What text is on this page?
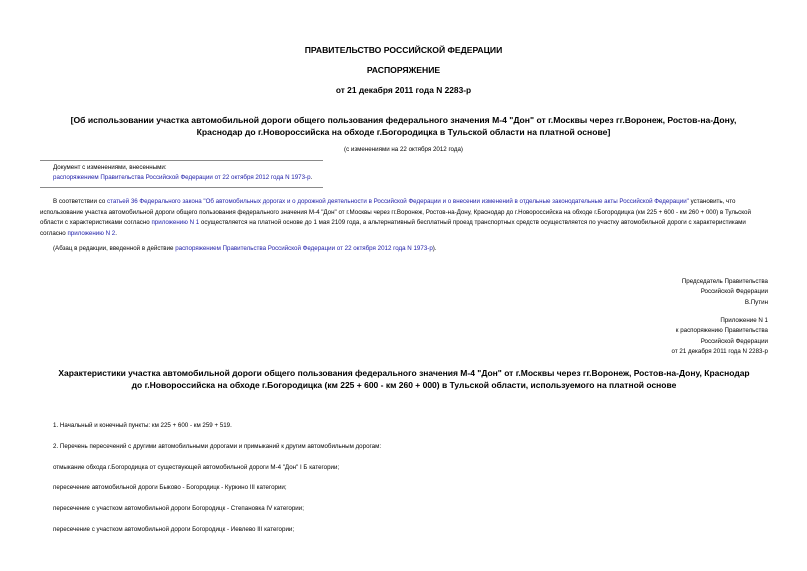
ПРАВИТЕЛЬСТВО РОССИЙСКОЙ ФЕДЕРАЦИИ
РАСПОРЯЖЕНИЕ
от 21 декабря 2011 года N 2283-р
[Об использовании участка автомобильной дороги общего пользования федерального значения М-4 "Дон" от г.Москвы через гг.Воронеж, Ростов-на-Дону,
Краснодар до г.Новороссийска на обходе г.Богородицка в Тульской области на платной основе]
(с изменениями на 22 октября 2012 года)
Документ с изменениями, внесенными:
распоряжением Правительства Российской Федерации от 22 октября 2012 года N 1973-р.
В соответствии со статьей 36 Федерального закона "Об автомобильных дорогах и о дорожной деятельности в Российской Федерации и о внесении изменений в отдельные законодательные акты Российской Федерации" установить, что использование участка автомобильной дороги общего пользования федерального значения М-4 "Дон" от г.Москвы через гг.Воронеж, Ростов-на-Дону, Краснодар до г.Новороссийска на обходе г.Богородицка (км 225 + 600 - км 260 + 000) в Тульской области с характеристиками согласно приложению N 1 осуществляется на платной основе до 1 мая 2109 года, а альтернативный бесплатный проезд транспортных средств осуществляется по участку автомобильной дороги с характеристиками согласно приложению N 2.
(Абзац в редакции, введенной в действие распоряжением Правительства Российской Федерации от 22 октября 2012 года N 1973-р).
Председатель Правительства
Российской Федерации
В.Путин
Приложение N 1
к распоряжению Правительства
Российской Федерации
от 21 декабря 2011 года N 2283-р
Характеристики участка автомобильной дороги общего пользования федерального значения М-4 "Дон" от г.Москвы через гг.Воронеж, Ростов-на-Дону, Краснодар
до г.Новороссийска на обходе г.Богородицка (км 225 + 600 - км 260 + 000) в Тульской области, используемого на платной основе
1. Начальный и конечный пункты: км 225 + 600 - км 259 + 519.
2. Перечень пересечений с другими автомобильными дорогами и примыканий к другим автомобильным дорогам:
отмыкание обхода г.Богородицка от существующей автомобильной дороги М-4 "Дон" I Б категории;
пересечение автомобильной дороги Быково - Богородицк - Куркино III категории;
пересечение с участком автомобильной дороги Богородицк - Степановка IV категории;
пересечение с участком автомобильной дороги Богородицк - Иевлево III категории;
